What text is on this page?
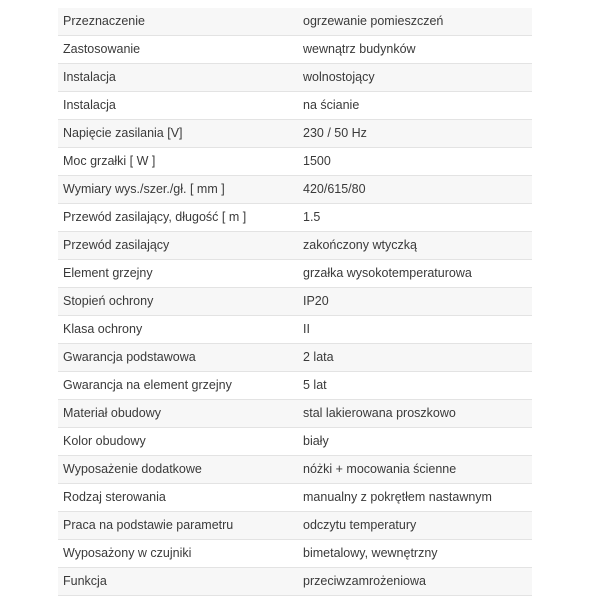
Przeznaczenie	ogrzewanie pomieszczeń
Zastosowanie	wewnątrz budynków
Instalacja	wolnostojący
Instalacja	na ścianie
Napięcie zasilania [V]	230 / 50 Hz
Moc grzałki [ W ]	1500
Wymiary wys./szer./gł. [ mm ]	420/615/80
Przewód zasilający, długość [ m ]	1.5
Przewód zasilający	zakończony wtyczką
Element grzejny	grzałka wysokotemperaturowa
Stopień ochrony	IP20
Klasa ochrony	II
Gwarancja podstawowa	2 lata
Gwarancja na element grzejny	5 lat
Materiał obudowy	stal lakierowana proszkowo
Kolor obudowy	biały
Wyposażenie dodatkowe	nóżki + mocowania ścienne
Rodzaj sterowania	manualny z pokrętłem nastawnym
Praca na podstawie parametru	odczytu temperatury
Wyposażony w czujniki	bimetalowy, wewnętrzny
Funkcja	przeciwzamrożeniowa
